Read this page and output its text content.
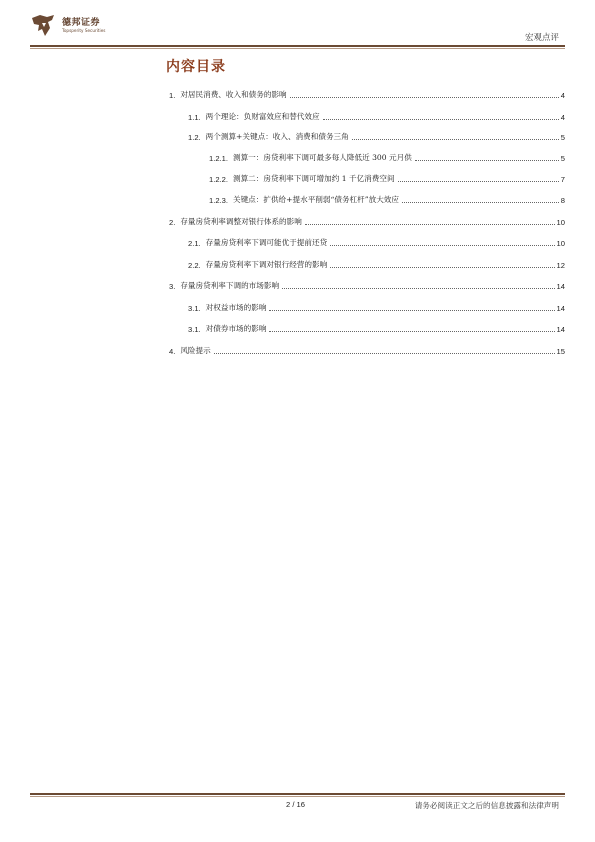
德邦证券
Topsperity Securities
宏观点评
内容目录
1. 对居民消费、收入和债务的影响	4
1.1. 两个理论：负财富效应和替代效应	4
1.2. 两个测算+关键点：收入、消费和债务三角	5
1.2.1. 测算一：房贷利率下调可最多每人降低近 300 元月供	5
1.2.2. 测算二：房贷利率下调可增加约 1 千亿消费空间	7
1.2.3. 关键点：扩供给+提水平削弱“债务杠杆”放大效应	8
2. 存量房贷利率调整对银行体系的影响	10
2.1. 存量房贷利率下调可能优于提前还贷	10
2.2. 存量房贷利率下调对银行经营的影响	12
3. 存量房贷利率下调的市场影响	14
3.1. 对权益市场的影响	14
3.1. 对债券市场的影响	14
4. 风险提示	15
2 / 16	请务必阅读正文之后的信息披露和法律声明
